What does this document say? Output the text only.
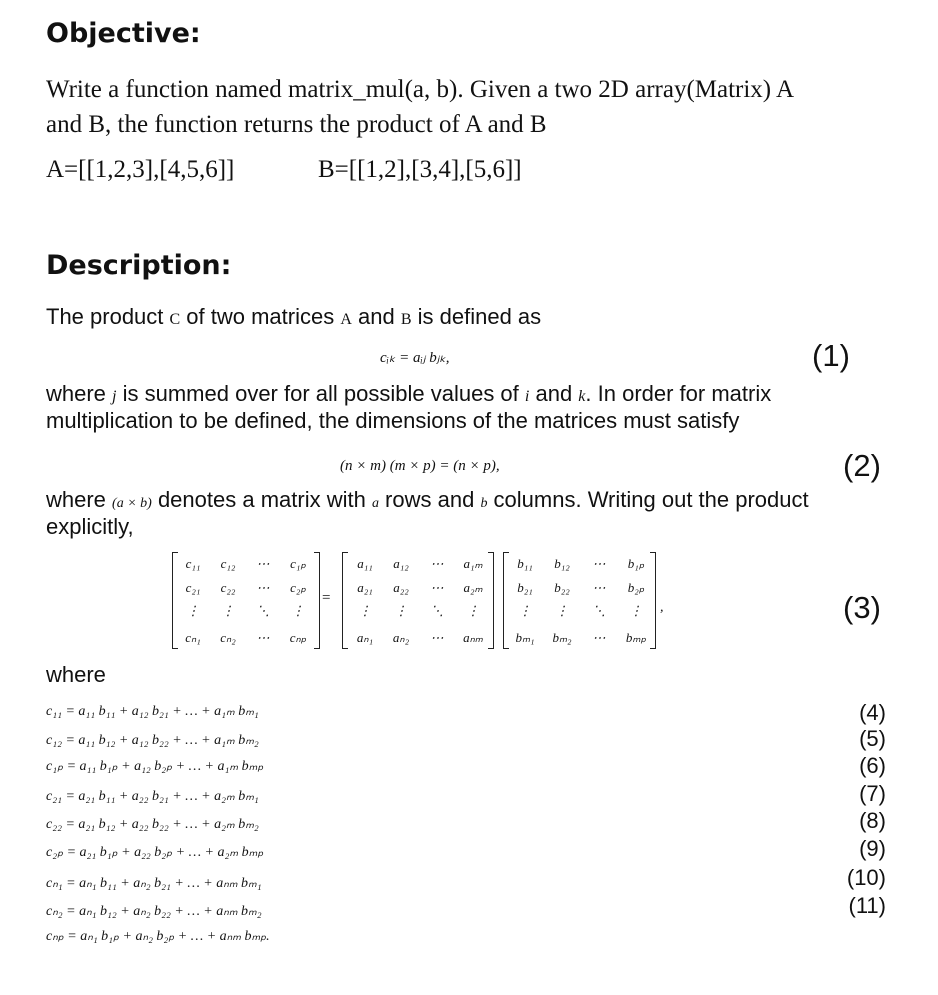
Objective:
Write a function named matrix_mul(a, b). Given a two 2D array(Matrix) A
and B, the function returns the product of A and B
A=[[1,2,3],[4,5,6]]	B=[[1,2],[3,4],[5,6]]
Description:
The product C of two matrices A and B is defined as
cᵢₖ = aᵢⱼ bⱼₖ,	(1)
where j is summed over for all possible values of i and k. In order for matrix
multiplication to be defined, the dimensions of the matrices must satisfy
(n × m) (m × p) = (n × p),	(2)
where (a × b) denotes a matrix with a rows and b columns. Writing out the product
explicitly,
c₁₁	c₁₂	⋯	c₁ₚ
c₂₁	c₂₂	⋯	c₂ₚ
⋮	⋮	⋱	⋮
cₙ₁	cₙ₂	⋯	cₙₚ
=
a₁₁	a₁₂	⋯	a₁ₘ
a₂₁	a₂₂	⋯	a₂ₘ
⋮	⋮	⋱	⋮
aₙ₁	aₙ₂	⋯	aₙₘ
b₁₁	b₁₂	⋯	b₁ₚ
b₂₁	b₂₂	⋯	b₂ₚ
⋮	⋮	⋱	⋮
bₘ₁	bₘ₂	⋯	bₘₚ
,	(3)
where
c₁₁ = a₁₁ b₁₁ + a₁₂ b₂₁ + … + a₁ₘ bₘ₁
c₁₂ = a₁₁ b₁₂ + a₁₂ b₂₂ + … + a₁ₘ bₘ₂
c₁ₚ = a₁₁ b₁ₚ + a₁₂ b₂ₚ + … + a₁ₘ bₘₚ
c₂₁ = a₂₁ b₁₁ + a₂₂ b₂₁ + … + a₂ₘ bₘ₁
c₂₂ = a₂₁ b₁₂ + a₂₂ b₂₂ + … + a₂ₘ bₘ₂
c₂ₚ = a₂₁ b₁ₚ + a₂₂ b₂ₚ + … + a₂ₘ bₘₚ
cₙ₁ = aₙ₁ b₁₁ + aₙ₂ b₂₁ + … + aₙₘ bₘ₁
cₙ₂ = aₙ₁ b₁₂ + aₙ₂ b₂₂ + … + aₙₘ bₘ₂
cₙₚ = aₙ₁ b₁ₚ + aₙ₂ b₂ₚ + … + aₙₘ bₘₚ.
(4)
(5)
(6)
(7)
(8)
(9)
(10)
(11)
